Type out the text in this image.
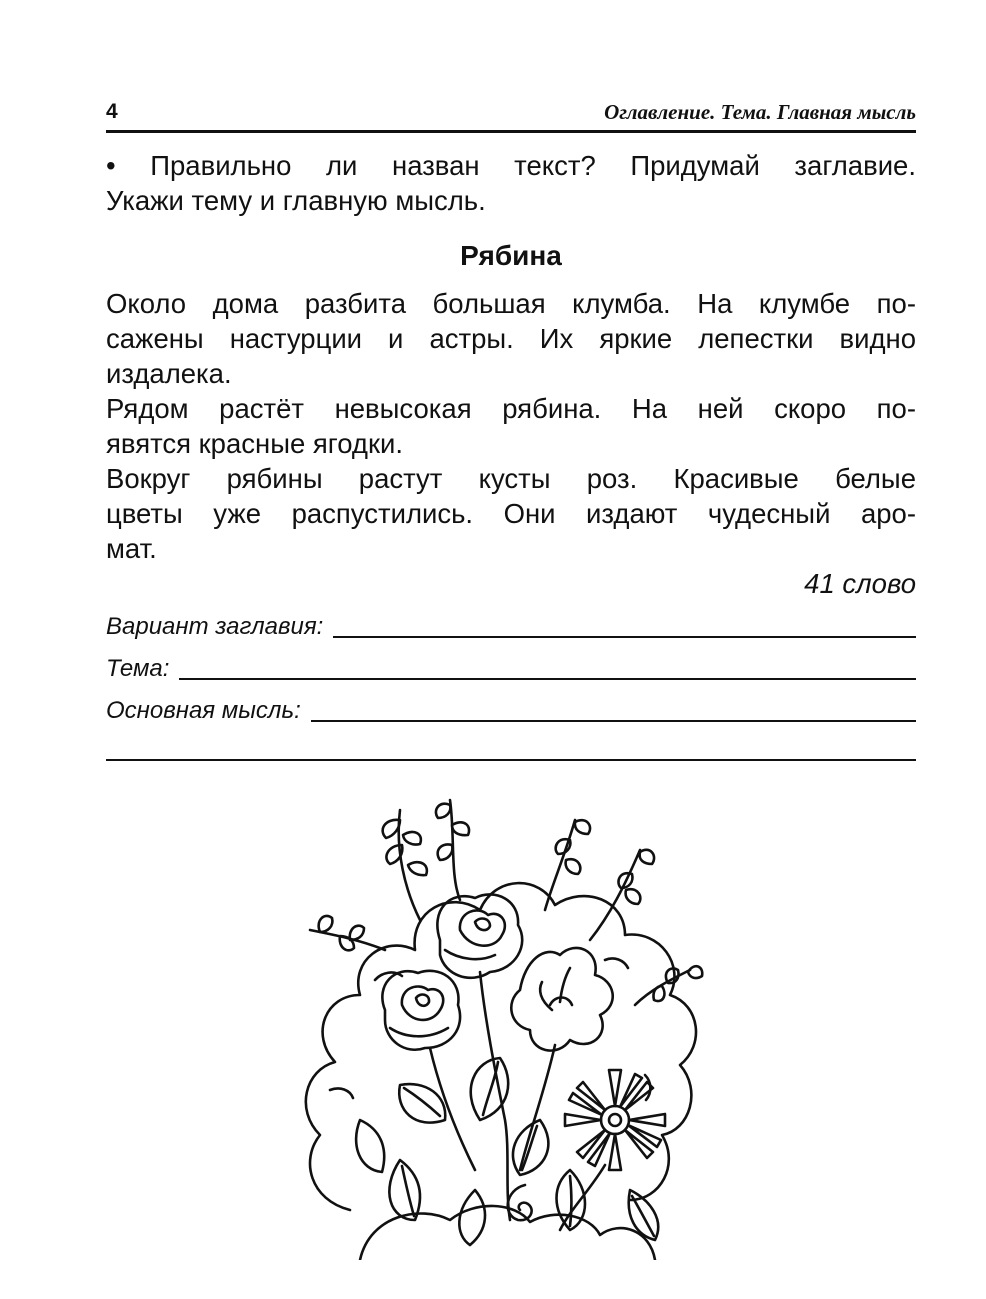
4	Оглавление. Тема. Главная мысль

• Правильно ли назван текст? Придумай заглавие.

Укажи тему и главную мысль.

Рябина

Около дома разбита большая клумба. На клумбе по-

сажены настурции и астры. Их яркие лепестки видно

издалека.

Рядом растёт невысокая рябина. На ней скоро по-

явятся красные ягодки.

Вокруг рябины растут кусты роз. Красивые белые

цветы уже распустились. Они издают чудесный аро-

мат.

41 слово
Вариант заглавия:
Тема:
Основная мысль:
